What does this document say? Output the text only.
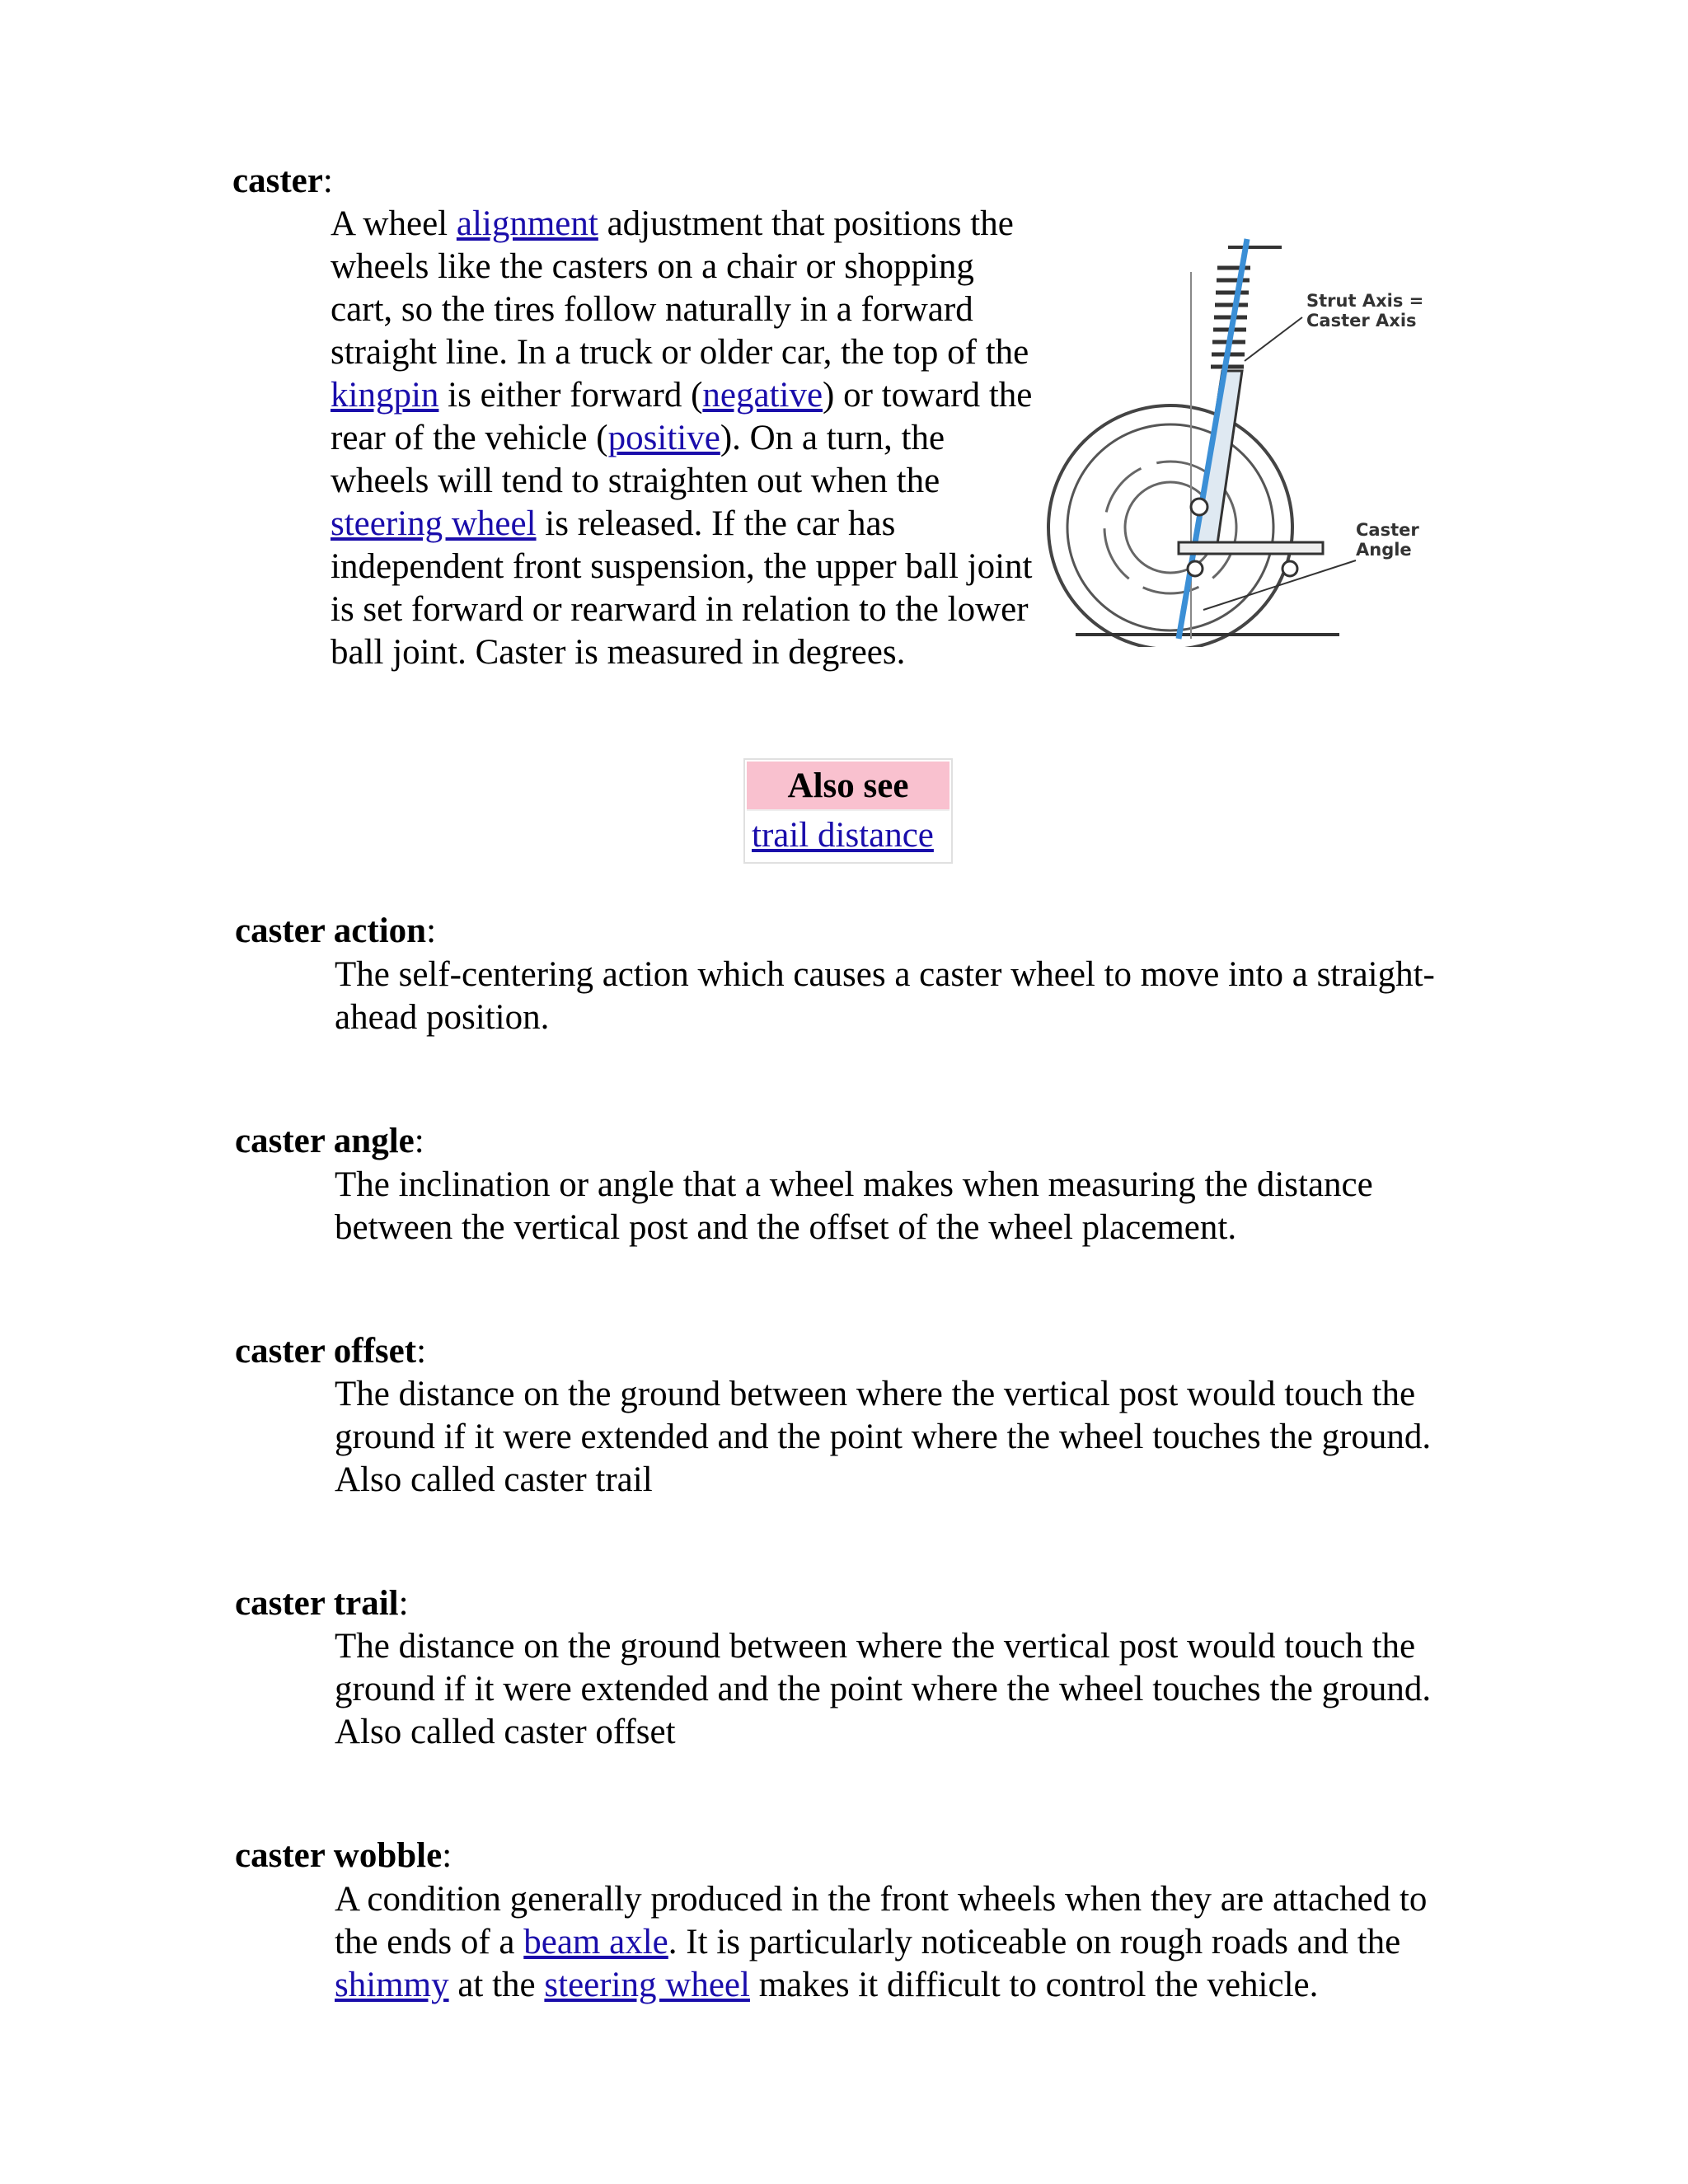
caster:
A wheel alignment adjustment that positions the wheels like the casters on a chair or shopping cart, so the tires follow naturally in a forward straight line. In a truck or older car, the top of the kingpin is either forward (negative) or toward the rear of the vehicle (positive). On a turn, the wheels will tend to straighten out when the steering wheel is released. If the car has independent front suspension, the upper ball joint is set forward or rearward in relation to the lower ball joint. Caster is measured in degrees.
Strut Axis =
Caster Axis
Caster
Angle
Also see
trail distance
caster action:
The self-centering action which causes a caster wheel to move into a straight-ahead position.
caster angle:
The inclination or angle that a wheel makes when measuring the distance between the vertical post and the offset of the wheel placement.
caster offset:
The distance on the ground between where the vertical post would touch the ground if it were extended and the point where the wheel touches the ground. Also called caster trail
caster trail:
The distance on the ground between where the vertical post would touch the ground if it were extended and the point where the wheel touches the ground. Also called caster offset
caster wobble:
A condition generally produced in the front wheels when they are attached to the ends of a beam axle. It is particularly noticeable on rough roads and the shimmy at the steering wheel makes it difficult to control the vehicle.
